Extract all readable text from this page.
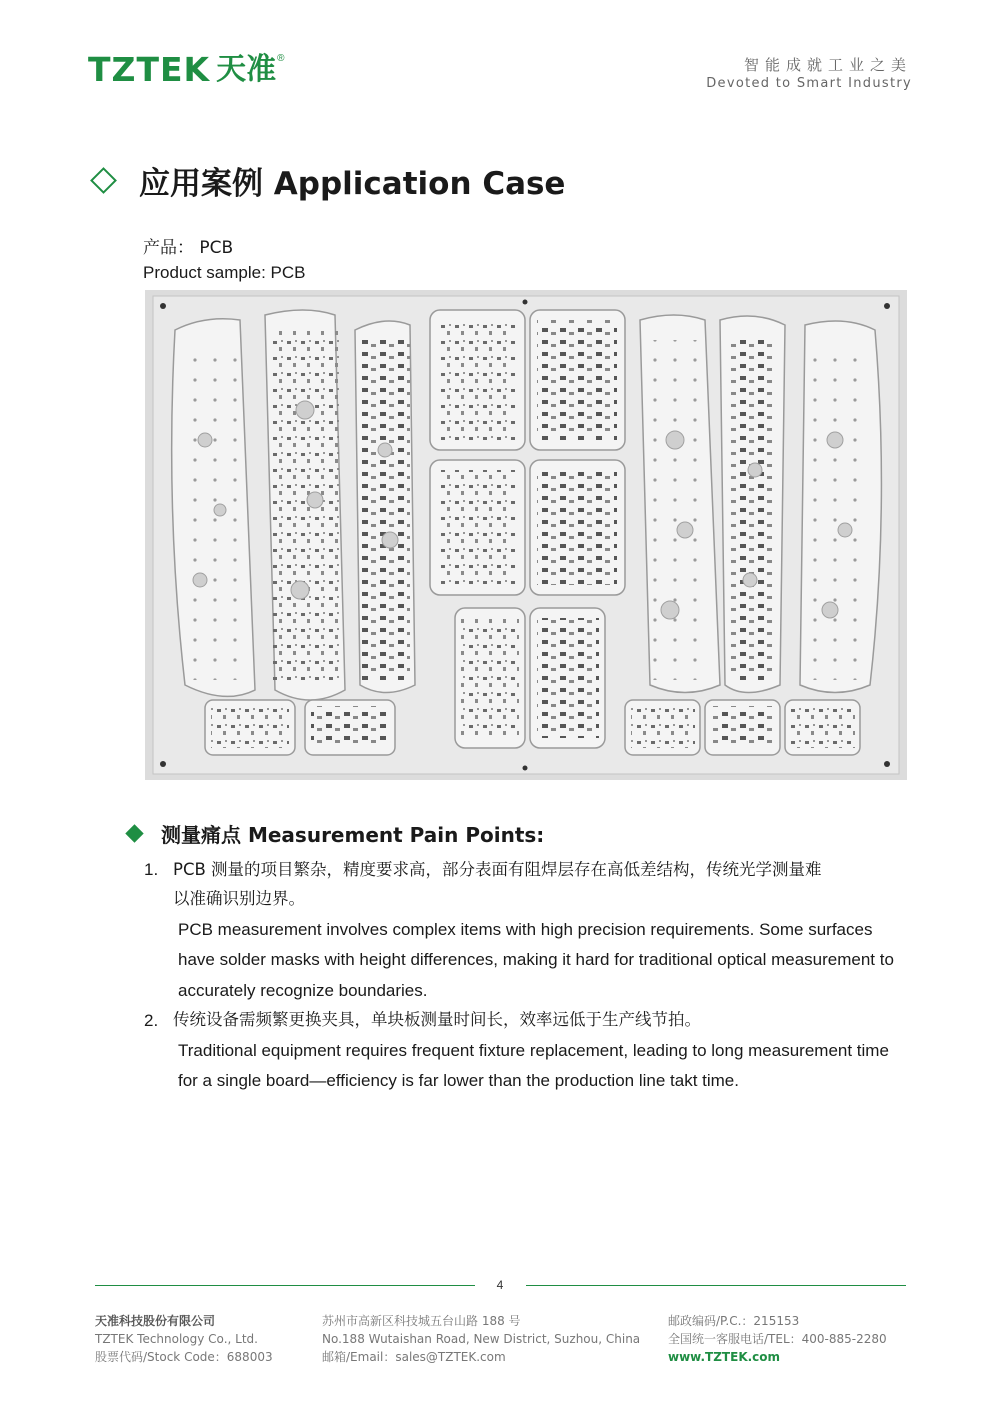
TZTEK 天准 ®	智能成就工业之美
Devoted to Smart Industry
应用案例 Application Case
产品： PCB
Product sample: PCB
测量痛点 Measurement Pain Points:
1. PCB 测量的项目繁杂，精度要求高，部分表面有阻焊层存在高低差结构，传统光学测量难
以准确识别边界。
PCB measurement involves complex items with high precision requirements. Some surfaces have solder masks with height differences, making it hard for traditional optical measurement to accurately recognize boundaries.
2. 传统设备需频繁更换夹具，单块板测量时间长，效率远低于生产线节拍。
Traditional equipment requires frequent fixture replacement, leading to long measurement time for a single board—efficiency is far lower than the production line takt time.
4
天准科技股份有限公司
TZTEK Technology Co., Ltd.
股票代码/Stock Code：688003
苏州市高新区科技城五台山路 188 号
No.188 Wutaishan Road, New District, Suzhou, China
邮箱/Email：sales@TZTEK.com
邮政编码/P.C.：215153
全国统一客服电话/TEL：400-885-2280
www.TZTEK.com
